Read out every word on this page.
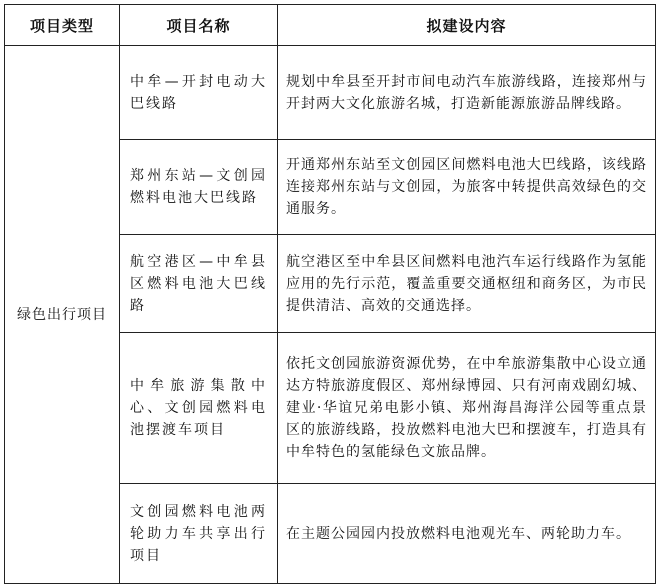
项目类型	项目名称	拟建设内容
绿色出行项目	中牟—开封电动大巴线路	规划中牟县至开封市间电动汽车旅游线路，连接郑州与开封两大文化旅游名城，打造新能源旅游品牌线路。
	郑州东站—文创园燃料电池大巴线路	开通郑州东站至文创园区间燃料电池大巴线路，该线路连接郑州东站与文创园，为旅客中转提供高效绿色的交通服务。
	航空港区—中牟县区燃料电池大巴线路	航空港区至中牟县区间燃料电池汽车运行线路作为氢能应用的先行示范，覆盖重要交通枢纽和商务区，为市民提供清洁、高效的交通选择。
	中牟旅游集散中心、文创园燃料电池摆渡车项目	依托文创园旅游资源优势，在中牟旅游集散中心设立通达方特旅游度假区、郑州绿博园、只有河南戏剧幻城、建业·华谊兄弟电影小镇、郑州海昌海洋公园等重点景区的旅游线路，投放燃料电池大巴和摆渡车，打造具有中牟特色的氢能绿色文旅品牌。
	文创园燃料电池两轮助力车共享出行项目	在主题公园园内投放燃料电池观光车、两轮助力车。
